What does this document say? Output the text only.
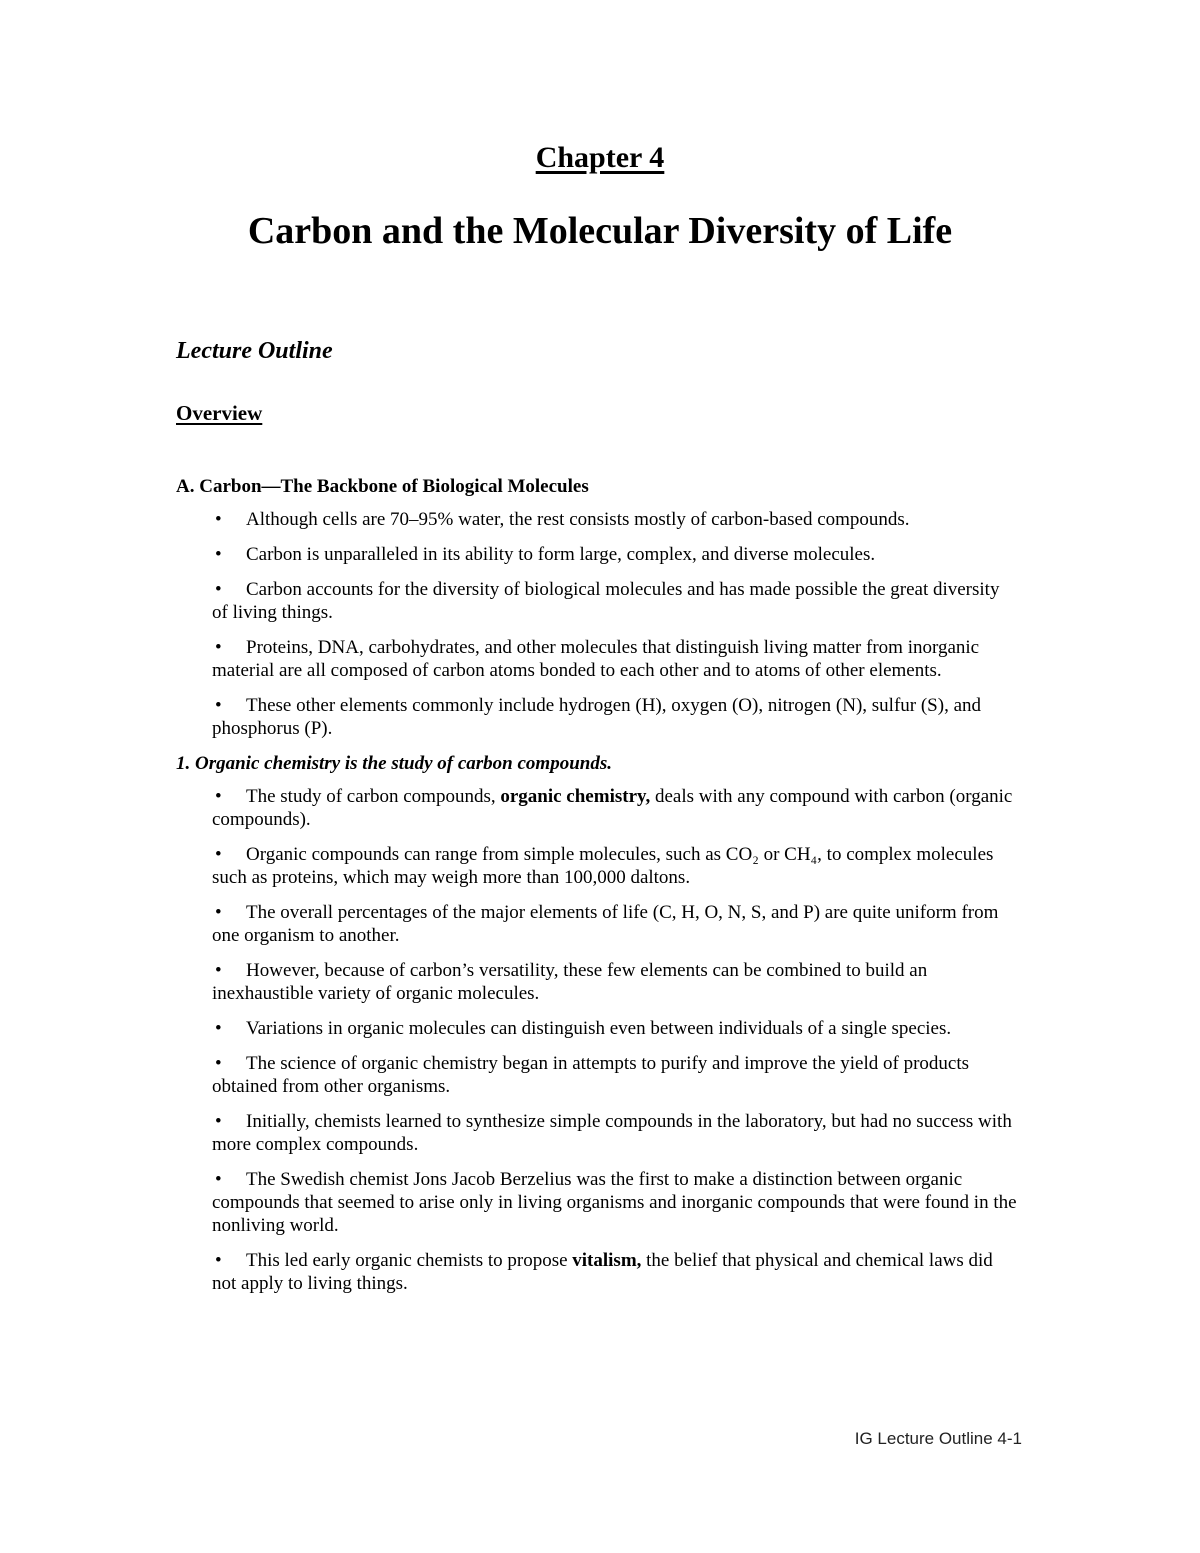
Chapter 4
Carbon and the Molecular Diversity of Life
Lecture Outline
Overview
A. Carbon—The Backbone of Biological Molecules
• Although cells are 70–95% water, the rest consists mostly of carbon-based compounds.
• Carbon is unparalleled in its ability to form large, complex, and diverse molecules.
• Carbon accounts for the diversity of biological molecules and has made possible the great diversity of living things.
• Proteins, DNA, carbohydrates, and other molecules that distinguish living matter from inorganic material are all composed of carbon atoms bonded to each other and to atoms of other elements.
• These other elements commonly include hydrogen (H), oxygen (O), nitrogen (N), sulfur (S), and phosphorus (P).
1. Organic chemistry is the study of carbon compounds.
• The study of carbon compounds, organic chemistry, deals with any compound with carbon (organic compounds).
• Organic compounds can range from simple molecules, such as CO₂ or CH₄, to complex molecules such as proteins, which may weigh more than 100,000 daltons.
• The overall percentages of the major elements of life (C, H, O, N, S, and P) are quite uniform from one organism to another.
• However, because of carbon’s versatility, these few elements can be combined to build an inexhaustible variety of organic molecules.
• Variations in organic molecules can distinguish even between individuals of a single species.
• The science of organic chemistry began in attempts to purify and improve the yield of products obtained from other organisms.
• Initially, chemists learned to synthesize simple compounds in the laboratory, but had no success with more complex compounds.
• The Swedish chemist Jons Jacob Berzelius was the first to make a distinction between organic compounds that seemed to arise only in living organisms and inorganic compounds that were found in the nonliving world.
• This led early organic chemists to propose vitalism, the belief that physical and chemical laws did not apply to living things.
IG Lecture Outline 4-1
